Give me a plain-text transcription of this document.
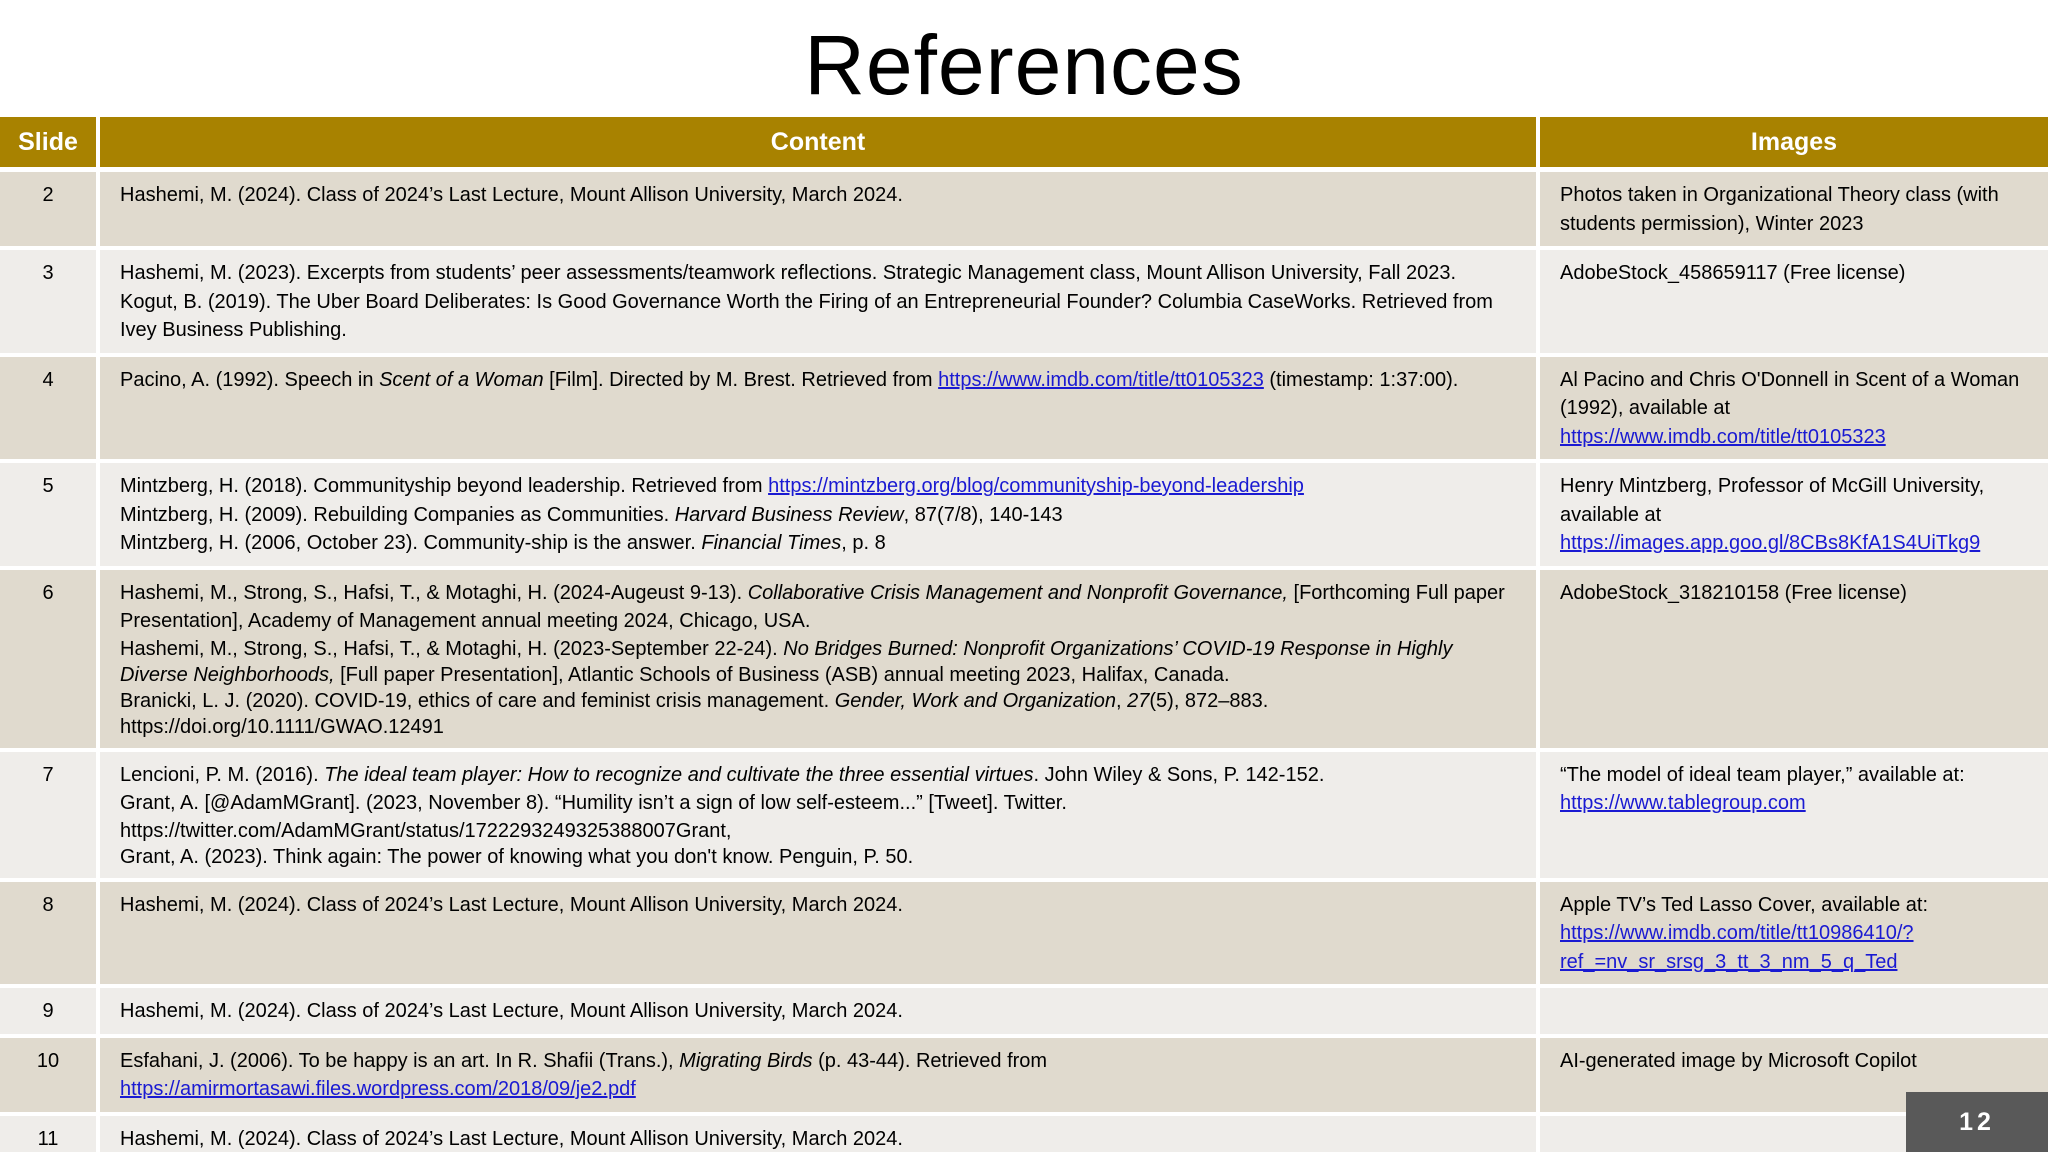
References
Slide	Content	Images
2	Hashemi, M. (2024). Class of 2024’s Last Lecture, Mount Allison University, March 2024.	Photos taken in Organizational Theory class (with students permission), Winter 2023

3	Hashemi, M. (2023). Excerpts from students’ peer assessments/teamwork reflections. Strategic Management class, Mount Allison University, Fall 2023.
Kogut, B. (2019). The Uber Board Deliberates: Is Good Governance Worth the Firing of an Entrepreneurial Founder? Columbia CaseWorks. Retrieved from Ivey Business Publishing.	AdobeStock_458659117 (Free license)

4	Pacino, A. (1992). Speech in Scent of a Woman [Film]. Directed by M. Brest. Retrieved from https://www.imdb.com/title/tt0105323 (timestamp: 1:37:00).	Al Pacino and Chris O'Donnell in Scent of a Woman (1992), available at
https://www.imdb.com/title/tt0105323

5	Mintzberg, H. (2018). Communityship beyond leadership. Retrieved from https://mintzberg.org/blog/communityship-beyond-leadership
Mintzberg, H. (2009). Rebuilding Companies as Communities. Harvard Business Review, 87(7/8), 140-143
Mintzberg, H. (2006, October 23). Community-ship is the answer. Financial Times, p. 8	Henry Mintzberg, Professor of McGill University, available at
https://images.app.goo.gl/8CBs8KfA1S4UiTkg9

6	Hashemi, M., Strong, S., Hafsi, T., & Motaghi, H. (2024-Augeust 9-13). Collaborative Crisis Management and Nonprofit Governance, [Forthcoming Full paper Presentation], Academy of Management annual meeting 2024, Chicago, USA.
Hashemi, M., Strong, S., Hafsi, T., & Motaghi, H. (2023-September 22-24). No Bridges Burned: Nonprofit Organizations’ COVID-19 Response in Highly Diverse Neighborhoods, [Full paper Presentation], Atlantic Schools of Business (ASB) annual meeting 2023, Halifax, Canada.
Branicki, L. J. (2020). COVID-19, ethics of care and feminist crisis management. Gender, Work and Organization, 27(5), 872–883. https://doi.org/10.1111/GWAO.12491	AdobeStock_318210158 (Free license)

7	Lencioni, P. M. (2016). The ideal team player: How to recognize and cultivate the three essential virtues. John Wiley & Sons, P. 142-152.
Grant, A. [@AdamMGrant]. (2023, November 8). “Humility isn’t a sign of low self-esteem...” [Tweet]. Twitter.
https://twitter.com/AdamMGrant/status/1722293249325388007Grant,
Grant, A. (2023). Think again: The power of knowing what you don't know. Penguin, P. 50.	“The model of ideal team player,” available at:
https://www.tablegroup.com

8	Hashemi, M. (2024). Class of 2024’s Last Lecture, Mount Allison University, March 2024.	Apple TV’s Ted Lasso Cover, available at:
https://www.imdb.com/title/tt10986410/?ref_=nv_sr_srsg_3_tt_3_nm_5_q_Ted

9	Hashemi, M. (2024). Class of 2024’s Last Lecture, Mount Allison University, March 2024.	

10	Esfahani, J. (2006). To be happy is an art. In R. Shafii (Trans.), Migrating Birds (p. 43-44). Retrieved from https://amirmortasawi.files.wordpress.com/2018/09/je2.pdf	AI-generated image by Microsoft Copilot

11	Hashemi, M. (2024). Class of 2024’s Last Lecture, Mount Allison University, March 2024.	

12
